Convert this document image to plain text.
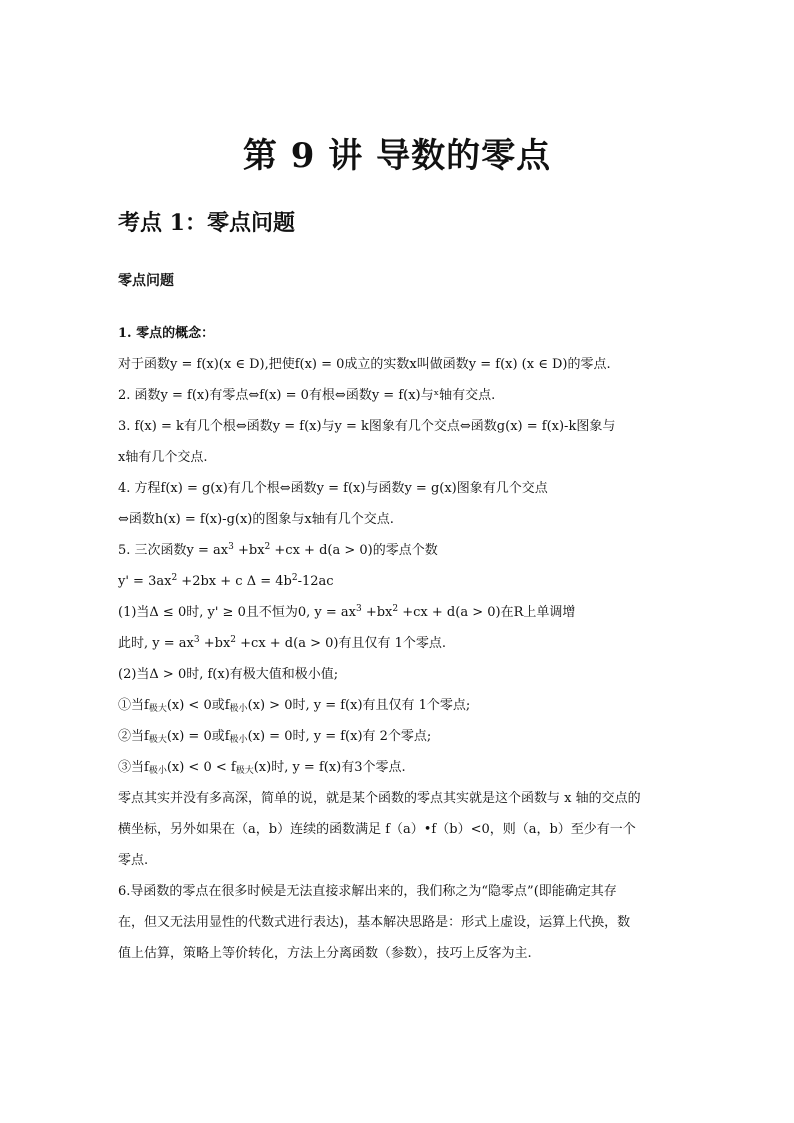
第 9 讲 导数的零点
考点 1：零点问题
零点问题
1. 零点的概念：
对于函数y = f(x)(x ∈ D),把使f(x) = 0成立的实数x叫做函数y = f(x) (x ∈ D)的零点.
2. 函数y = f(x)有零点⇔f(x) = 0有根⇔函数y = f(x)与ˣ轴有交点.
3. f(x) = k有几个根⇔函数y = f(x)与y = k图象有几个交点⇔函数g(x) = f(x)-k图象与
x轴有几个交点.
4. 方程f(x) = g(x)有几个根⇔函数y = f(x)与函数y = g(x)图象有几个交点
⇔函数h(x) = f(x)-g(x)的图象与x轴有几个交点.
5. 三次函数$y = ax^3 +bx^2 +cx + d(a > 0)$的零点个数
$y' = 3ax^2 +2bx + c$ $\Delta = 4b^2-12ac$
(1)当Δ ≤ 0时, y' ≥ 0且不恒为0, $y = ax^3 +bx^2 +cx + d(a > 0)$在R上单调增
此时, $y = ax^3 +bx^2 +cx + d(a > 0)$有且仅有 1个零点.
(2)当Δ > 0时, f(x)有极大值和极小值;
①当$f_{极大}(x) < 0$或$f_{极小}(x) > 0$时, y = f(x)有且仅有 1个零点;
②当$f_{极大}(x) = 0$或$f_{极小}(x) = 0$时, y = f(x)有 2个零点;
③当$f_{极小}(x) < 0 < f_{极大}(x)$时, y = f(x)有3个零点.
零点其实并没有多高深，简单的说，就是某个函数的零点其实就是这个函数与 x 轴的交点的
横坐标，另外如果在（a，b）连续的函数满足 f（a）•f（b）<0，则（a，b）至少有一个
零点.
6.导函数的零点在很多时候是无法直接求解出来的，我们称之为“隐零点”(即能确定其存
在，但又无法用显性的代数式进行表达)，基本解决思路是：形式上虚设，运算上代换，数
值上估算，策略上等价转化，方法上分离函数（参数），技巧上反客为主.
